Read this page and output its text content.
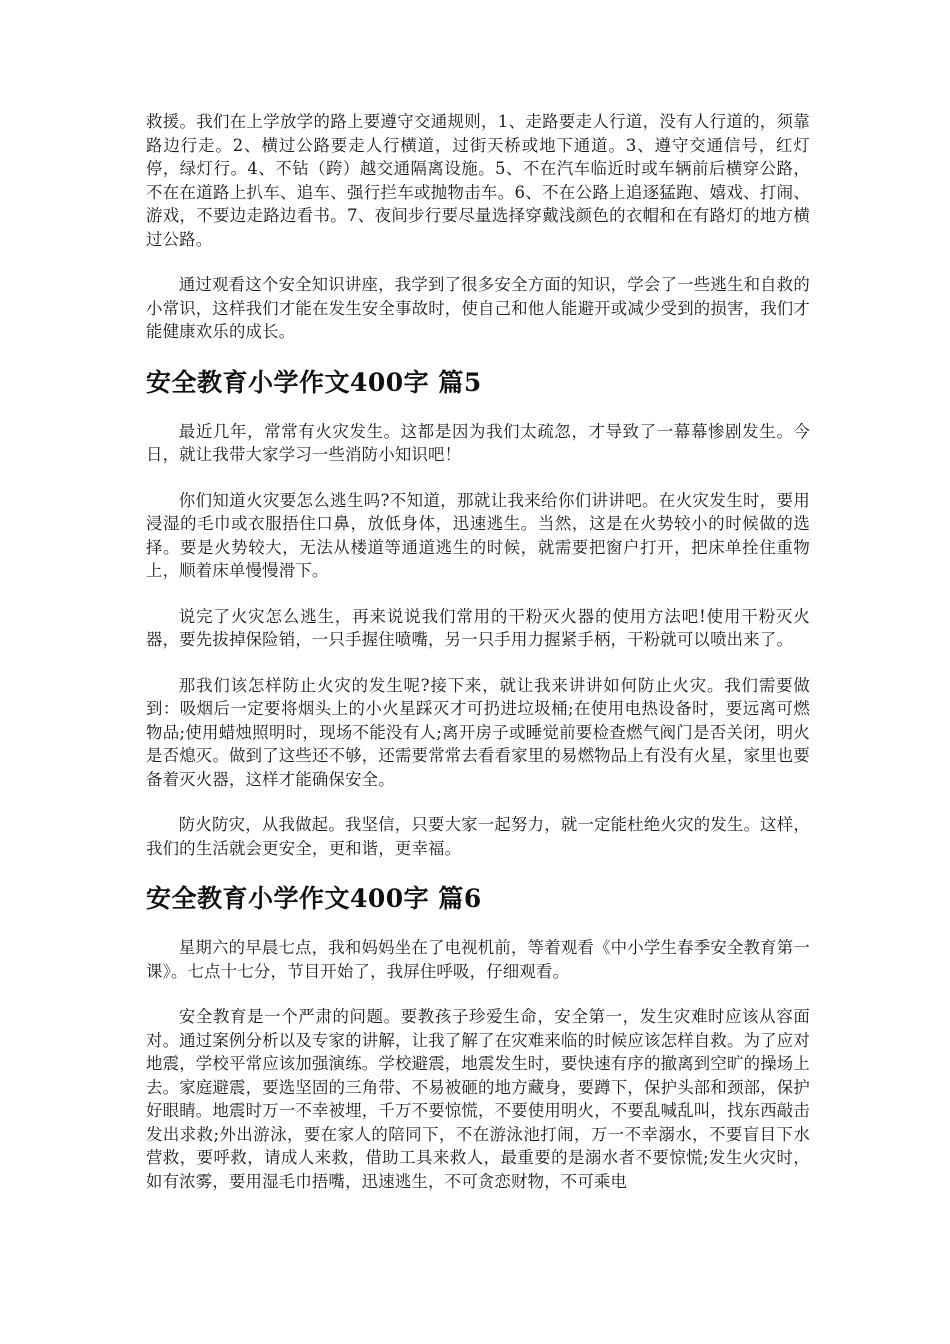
救援。我们在上学放学的路上要遵守交通规则，1、走路要走人行道，没有人行道的，须靠路边行走。2、横过公路要走人行横道，过街天桥或地下通道。3、遵守交通信号，红灯停，绿灯行。4、不钻（跨）越交通隔离设施。5、不在汽车临近时或车辆前后横穿公路，不在在道路上扒车、追车、强行拦车或抛物击车。6、不在公路上追逐猛跑、嬉戏、打闹、游戏，不要边走路边看书。7、夜间步行要尽量选择穿戴浅颜色的衣帽和在有路灯的地方横过公路。

通过观看这个安全知识讲座，我学到了很多安全方面的知识，学会了一些逃生和自救的小常识，这样我们才能在发生安全事故时，使自己和他人能避开或减少受到的损害，我们才能健康欢乐的成长。

安全教育小学作文400字 篇5

最近几年，常常有火灾发生。这都是因为我们太疏忽，才导致了一幕幕惨剧发生。今日，就让我带大家学习一些消防小知识吧！

你们知道火灾要怎么逃生吗?不知道，那就让我来给你们讲讲吧。在火灾发生时，要用浸湿的毛巾或衣服捂住口鼻，放低身体，迅速逃生。当然，这是在火势较小的时候做的选择。要是火势较大，无法从楼道等通道逃生的时候，就需要把窗户打开，把床单拴住重物上，顺着床单慢慢滑下。

说完了火灾怎么逃生，再来说说我们常用的干粉灭火器的使用方法吧!使用干粉灭火器，要先拔掉保险销，一只手握住喷嘴，另一只手用力握紧手柄，干粉就可以喷出来了。

那我们该怎样防止火灾的发生呢?接下来，就让我来讲讲如何防止火灾。我们需要做到：吸烟后一定要将烟头上的小火星踩灭才可扔进垃圾桶;在使用电热设备时，要远离可燃物品;使用蜡烛照明时，现场不能没有人;离开房子或睡觉前要检查燃气阀门是否关闭，明火是否熄灭。做到了这些还不够，还需要常常去看看家里的易燃物品上有没有火星，家里也要备着灭火器，这样才能确保安全。

防火防灾，从我做起。我坚信，只要大家一起努力，就一定能杜绝火灾的发生。这样，我们的生活就会更安全，更和谐，更幸福。

安全教育小学作文400字 篇6

星期六的早晨七点，我和妈妈坐在了电视机前，等着观看《中小学生春季安全教育第一课》。七点十七分，节目开始了，我屏住呼吸，仔细观看。

安全教育是一个严肃的问题。要教孩子珍爱生命，安全第一，发生灾难时应该从容面对。通过案例分析以及专家的讲解，让我了解了在灾难来临的时候应该怎样自救。为了应对地震，学校平常应该加强演练。学校避震，地震发生时，要快速有序的撤离到空旷的操场上去。家庭避震，要选坚固的三角带、不易被砸的地方藏身，要蹲下，保护头部和颈部，保护好眼睛。地震时万一不幸被埋，千万不要惊慌，不要使用明火，不要乱喊乱叫，找东西敲击发出求救;外出游泳，要在家人的陪同下，不在游泳池打闹，万一不幸溺水，不要盲目下水营救，要呼救，请成人来救，借助工具来救人，最重要的是溺水者不要惊慌;发生火灾时，如有浓雾，要用湿毛巾捂嘴，迅速逃生，不可贪恋财物，不可乘电
